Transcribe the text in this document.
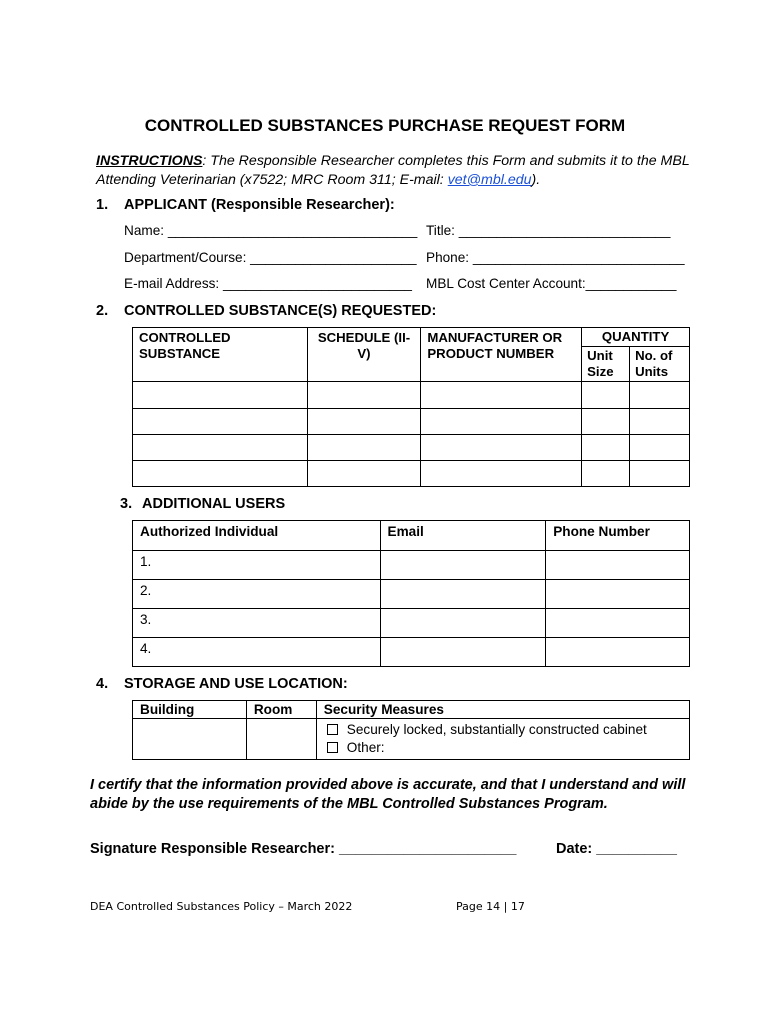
CONTROLLED SUBSTANCES PURCHASE REQUEST FORM
INSTRUCTIONS: The Responsible Researcher completes this Form and submits it to the MBL Attending Veterinarian (x7522; MRC Room 311; E-mail: vet@mbl.edu).
1. APPLICANT (Responsible Researcher):
Name: _________________________________ Title: ____________________________
Department/Course: ______________________ Phone: ____________________________
E-mail Address: _________________________ MBL Cost Center Account:____________
2. CONTROLLED SUBSTANCE(S) REQUESTED:
CONTROLLED SUBSTANCE	SCHEDULE (II-V)	MANUFACTURER OR PRODUCT NUMBER	QUANTITY	
			Unit Size	No. of Units

3. ADDITIONAL USERS
Authorized Individual	Email	Phone Number
1.		
2.		
3.		
4.		
4. STORAGE AND USE LOCATION:
Building	Room	Security Measures

		Securely locked, substantially constructed cabinet
Other:
I certify that the information provided above is accurate, and that I understand and will abide by the use requirements of the MBL Controlled Substances Program.
Signature Responsible Researcher: ______________________	Date: __________
DEA Controlled Substances Policy – March 2022	Page 14 | 17
